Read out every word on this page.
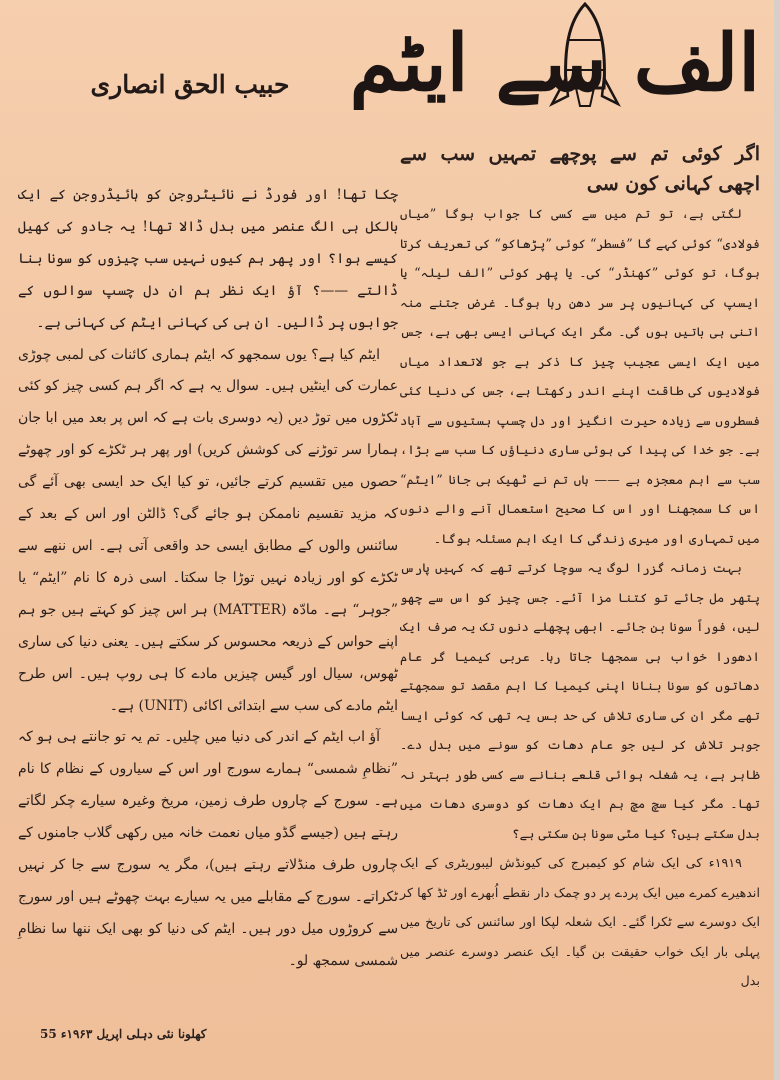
الف سے ایٹم
حبیب الحق انصاری

اگر کوئی تم سے پوچھے تمہیں سب سے اچھی کہانی کون سی

لگتی ہے، تو تم میں سے کسی کا جواب ہوگا ”میاں فولادی“ کوئی کہے گا ”فسطر“ کوئی ”پڑھاکو“ کی تعریف کرتا ہوگا، تو کوئی ”کھنڈر“ کی۔ یا پھر کوئی ”الف لیلہ“ یا ایسپ کی کہانیوں پر سر دھن رہا ہوگا۔ غرض جتنے منہ اتنی ہی باتیں ہوں گی۔ مگر ایک کہانی ایسی بھی ہے، جس میں ایک ایسی عجیب چیز کا ذکر ہے جو لاتعداد میاں فولادیوں کی طاقت اپنے اندر رکھتا ہے، جس کی دنیا کئی فسطروں سے زیادہ حیرت انگیز اور دل چسپ ہستیوں سے آباد ہے۔ جو خدا کی پیدا کی ہوئی ساری دنیاؤں کا سب سے بڑا، سب سے اہم معجزہ ہے —— ہاں تم نے ٹھیک ہی جانا ”ایٹم“ اس کا سمجھنا اور اس کا صحیح استعمال آنے والے دنوں میں تمہاری اور میری زندگی کا ایک اہم مسئلہ ہوگا۔

بہت زمانہ گزرا لوگ یہ سوچا کرتے تھے کہ کہیں پارس پتھر مل جائے تو کتنا مزا آئے۔ جس چیز کو اس سے چھو لیں، فوراً سونا بن جائے۔ ابھی پچھلے دنوں تک یہ صرف ایک ادھورا خواب ہی سمجھا جاتا رہا۔ عربی کیمیا گر عام دھاتوں کو سونا بنانا اپنی کیمیا کا اہم مقصد تو سمجھتے تھے مگر ان کی ساری تلاش کی حد بس یہ تھی کہ کوئی ایسا جوہر تلاش کر لیں جو عام دھات کو سونے میں بدل دے۔ ظاہر ہے، یہ شغلہ ہوائی قلعے بنانے سے کسی طور بہتر نہ تھا۔ مگر کیا سچ مچ ہم ایک دھات کو دوسری دھات میں بدل سکتے ہیں؟ کیا مٹی سونا بن سکتی ہے؟

۱۹۱۹ء کی ایک شام کو کیمبرج کی کیونڈش لیبوریٹری کے ایک اندھیرے کمرے میں ایک پردے پر دو چمک دار نقطے اُبھرے اور ٹڈ کھا کر ایک دوسرے سے ٹکرا گئے۔ ایک شعلہ لپکا اور سائنس کی تاریخ میں پہلی بار ایک خواب حقیقت بن گیا۔ ایک عنصر دوسرے عنصر میں بدل

چکا تھا! اور فورڈ نے نائیٹروجن کو ہائیڈروجن کے ایک بالکل ہی الگ عنصر میں بدل ڈالا تھا! یہ جادو کی کھیل کیسے ہوا؟ اور پھر ہم کیوں نہیں سب چیزوں کو سونا بنا ڈالتے ——؟ آؤ ایک نظر ہم ان دل چسپ سوالوں کے جوابوں پر ڈالیں۔ ان ہی کی کہانی ایٹم کی کہانی ہے۔

ایٹم کیا ہے؟ یوں سمجھو کہ ایٹم ہماری کائنات کی لمبی چوڑی عمارت کی اینٹیں ہیں۔ سوال یہ ہے کہ اگر ہم کسی چیز کو کئی ٹکڑوں میں توڑ دیں (یہ دوسری بات ہے کہ اس پر بعد میں ابا جان ہمارا سر توڑنے کی کوشش کریں) اور پھر ہر ٹکڑے کو اور چھوٹے حصوں میں تقسیم کرتے جائیں، تو کیا ایک حد ایسی بھی آئے گی کہ مزید تقسیم ناممکن ہو جائے گی؟ ڈالٹن اور اس کے بعد کے سائنس والوں کے مطابق ایسی حد واقعی آتی ہے۔ اس ننھے سے ٹکڑے کو اور زیادہ نہیں توڑا جا سکتا۔ اسی ذرہ کا نام ”ایٹم“ یا ”جوہر“ ہے۔ مادّہ (MATTER) ہر اس چیز کو کہتے ہیں جو ہم اپنے حواس کے ذریعہ محسوس کر سکتے ہیں۔ یعنی دنیا کی ساری ٹھوس، سیال اور گیس چیزیں مادے کا ہی روپ ہیں۔ اس طرح ایٹم مادے کی سب سے ابتدائی اکائی (UNIT) ہے۔

آؤ اب ایٹم کے اندر کی دنیا میں چلیں۔ تم یہ تو جانتے ہی ہو کہ ”نظامِ شمسی“ ہمارے سورج اور اس کے سیاروں کے نظام کا نام ہے۔ سورج کے چاروں طرف زمین، مریخ وغیرہ سیارے چکر لگاتے رہتے ہیں (جیسے گڈو میاں نعمت خانہ میں رکھی گلاب جامنوں کے چاروں طرف منڈلاتے رہتے ہیں)، مگر یہ سورج سے جا کر نہیں ٹکراتے۔ سورج کے مقابلے میں یہ سیارے بہت چھوٹے ہیں اور سورج سے کروڑوں میل دور ہیں۔ ایٹم کی دنیا کو بھی ایک ننھا سا نظامِ شمسی سمجھ لو۔

کھلونا نئی دہلی اپریل ۱۹۶۳ء 55
